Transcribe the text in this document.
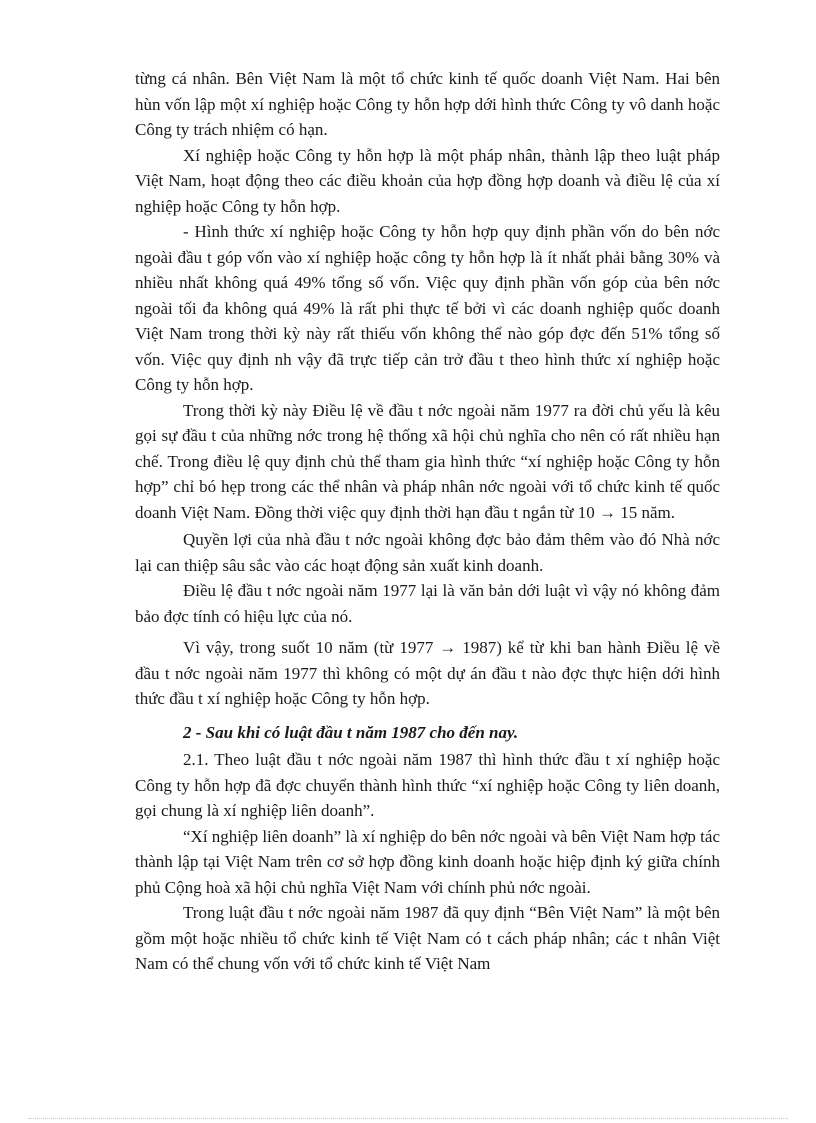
từng cá nhân. Bên Việt Nam là một tổ chức kinh tế quốc doanh Việt Nam. Hai bên hùn vốn lập một xí nghiệp hoặc Công ty hỗn hợp dới hình thức Công ty vô danh hoặc Công ty trách nhiệm có hạn.

Xí nghiệp hoặc Công ty hỗn hợp là một pháp nhân, thành lập theo luật pháp Việt Nam, hoạt động theo các điều khoản của hợp đồng hợp doanh và điều lệ của xí nghiệp hoặc Công ty hỗn hợp.

- Hình thức xí nghiệp hoặc Công ty hỗn hợp quy định phần vốn do bên nớc ngoài đầu t góp vốn vào xí nghiệp hoặc công ty hỗn hợp là ít nhất phải bằng 30% và nhiều nhất không quá 49% tổng số vốn. Việc quy định phần vốn góp của bên nớc ngoài tối đa không quá 49% là rất phi thực tế bởi vì các doanh nghiệp quốc doanh Việt Nam trong thời kỳ này rất thiếu vốn không thể nào góp đợc đến 51% tổng số vốn. Việc quy định nh vậy đã trực tiếp cản trở đầu t theo hình thức xí nghiệp hoặc Công ty hỗn hợp.

Trong thời kỳ này Điều lệ về đầu t nớc ngoài năm 1977 ra đời chủ yếu là kêu gọi sự đầu t của những nớc trong hệ thống xã hội chủ nghĩa cho nên có rất nhiều hạn chế. Trong điều lệ quy định chủ thể tham gia hình thức “xí nghiệp hoặc Công ty hỗn hợp” chỉ bó hẹp trong các thể nhân và pháp nhân nớc ngoài với tổ chức kinh tế quốc doanh Việt Nam. Đồng thời việc quy định thời hạn đầu t ngắn từ 10 → 15 năm.

Quyền lợi của nhà đầu t nớc ngoài không đợc bảo đảm thêm vào đó Nhà nớc lại can thiệp sâu sắc vào các hoạt động sản xuất kinh doanh.

Điều lệ đầu t nớc ngoài năm 1977 lại là văn bản dới luật vì vậy nó không đảm bảo đợc tính có hiệu lực của nó.

Vì vậy, trong suốt 10 năm (từ 1977 → 1987) kể từ khi ban hành Điều lệ về đầu t nớc ngoài năm 1977 thì không có một dự án đầu t nào đợc thực hiện dới hình thức đầu t xí nghiệp hoặc Công ty hỗn hợp.

2 - Sau khi có luật đầu t năm 1987 cho đến nay.

2.1. Theo luật đầu t nớc ngoài năm 1987 thì hình thức đầu t xí nghiệp hoặc Công ty hỗn hợp đã đợc chuyển thành hình thức “xí nghiệp hoặc Công ty liên doanh, gọi chung là xí nghiệp liên doanh”.

“Xí nghiệp liên doanh” là xí nghiệp do bên nớc ngoài và bên Việt Nam hợp tác thành lập tại Việt Nam trên cơ sở hợp đồng kinh doanh hoặc hiệp định ký giữa chính phủ Cộng hoà xã hội chủ nghĩa Việt Nam với chính phủ nớc ngoài.

Trong luật đầu t nớc ngoài năm 1987 đã quy định “Bên Việt Nam” là một bên gồm một hoặc nhiều tổ chức kinh tế Việt Nam có t cách pháp nhân; các t nhân Việt Nam có thể chung vốn với tổ chức kinh tế Việt Nam
